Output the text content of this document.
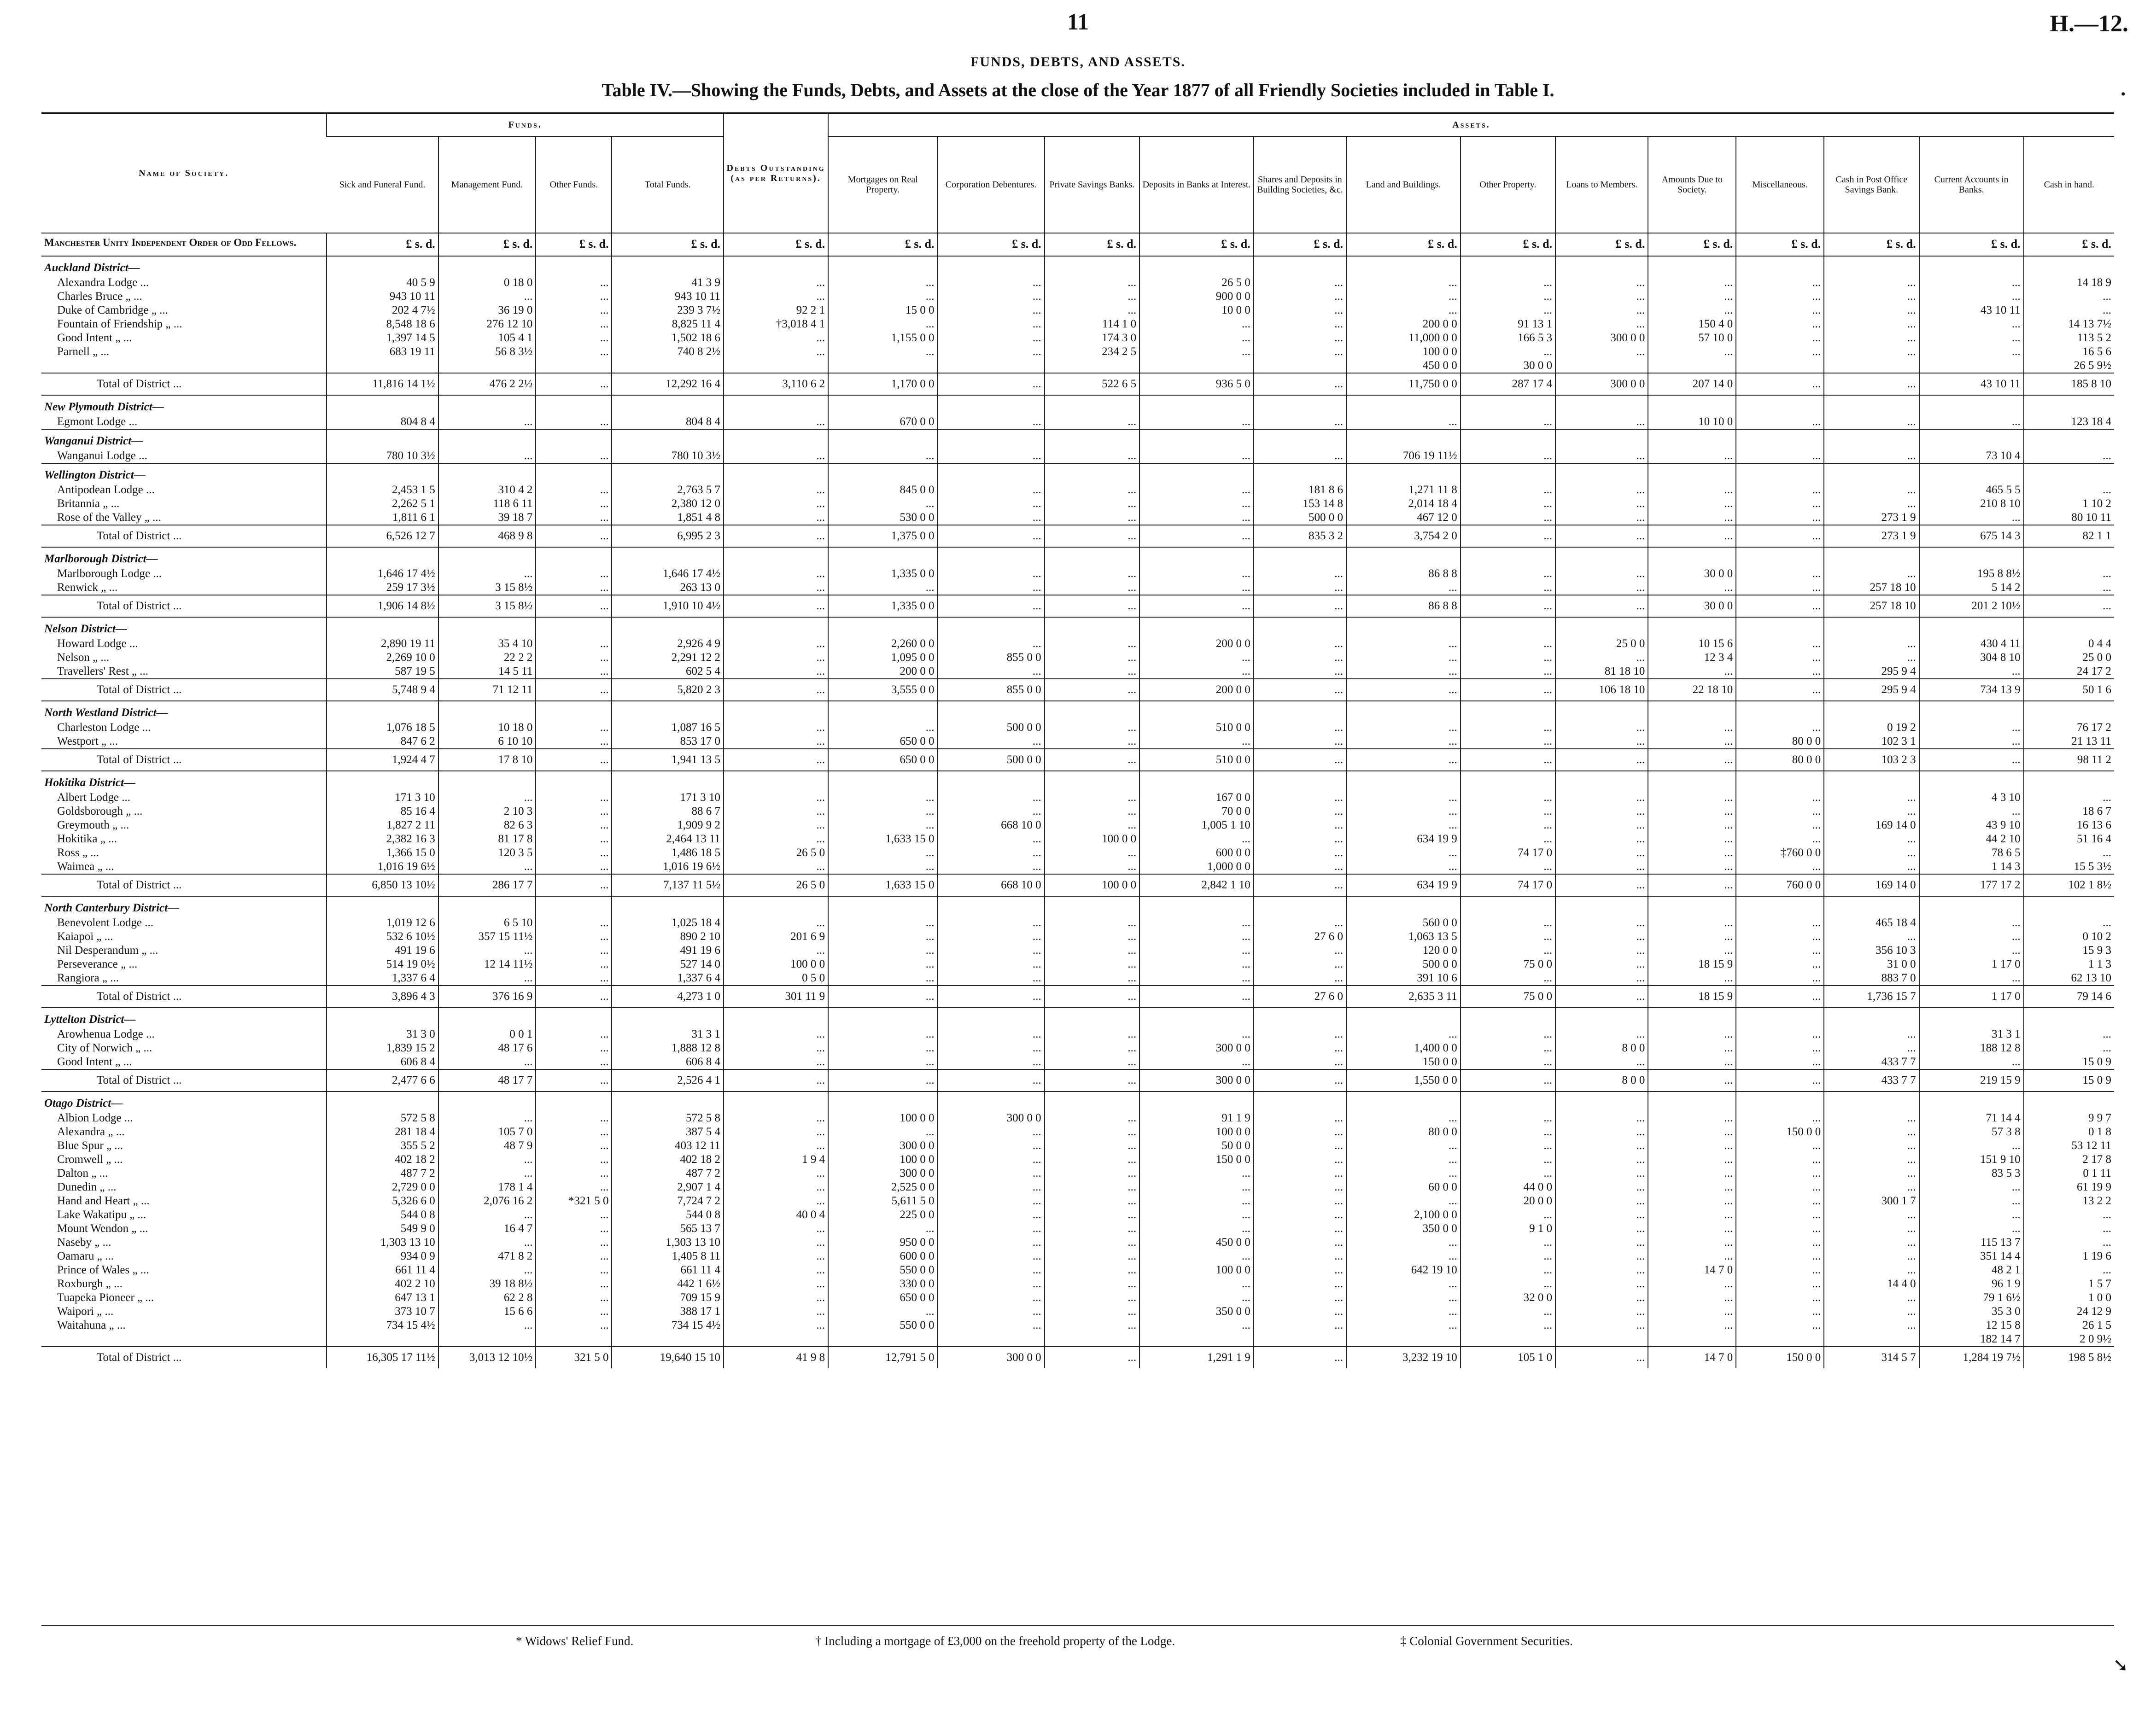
11	H.—12.
FUNDS, DEBTS, AND ASSETS.
Table IV.—Showing the Funds, Debts, and Assets at the close of the Year 1877 of all Friendly Societies included in Table I.	•
Name of Society.	Funds.				Debts Outstanding (as per Returns).	Assets.												
	Sick and Funeral Fund.	Management Fund.	Other Funds.	Total Funds.		Mortgages on Real Property.	Corporation Debentures.	Private Savings Banks.	Deposits in Banks at Interest.	Shares and Deposits in Building Societies, &c.	Land and Buildings.	Other Property.	Loans to Members.	Amounts Due to Society.	Miscellaneous.	Cash in Post Office Savings Bank.	Current Accounts in Banks.	Cash in hand.
Manchester Unity Independent Order of Odd Fellows.	£ s. d.	£ s. d.	£ s. d.	£ s. d.	£ s. d.	£ s. d.	£ s. d.	£ s. d.	£ s. d.	£ s. d.	£ s. d.	£ s. d.	£ s. d.	£ s. d.	£ s. d.	£ s. d.	£ s. d.	£ s. d.
Auckland District—																		
Alexandra Lodge ...	40 5 9	0 18 0	...	41 3 9	...	...	...	...	26 5 0	...	...	...	...	...	...	...	...	14 18 9
Charles Bruce „ ...	943 10 11	...	...	943 10 11	...	...	...	...	900 0 0	...	...	...	...	...	...	...	...	...
Duke of Cambridge „ ...	202 4 7½	36 19 0	...	239 3 7½	92 2 1	15 0 0	...	...	10 0 0	...	...	...	...	...	...	...	43 10 11	...
Fountain of Friendship „ ...	8,548 18 6	276 12 10	...	8,825 11 4	†3,018 4 1	...	...	114 1 0	...	...	200 0 0	91 13 1	...	150 4 0	...	...	...	14 13 7½
Good Intent „ ...	1,397 14 5	105 4 1	...	1,502 18 6	...	1,155 0 0	...	174 3 0	...	...	11,000 0 0	166 5 3	300 0 0	57 10 0	...	...	...	113 5 2
Parnell „ ...	683 19 11	56 8 3½	...	740 8 2½	...	...	...	234 2 5	...	...	100 0 0	...	...	...	...	...	...	16 5 6
											450 0 0	30 0 0						26 5 9½
Total of District ...	11,816 14 1½	476 2 2½	...	12,292 16 4	3,110 6 2	1,170 0 0	...	522 6 5	936 5 0	...	11,750 0 0	287 17 4	300 0 0	207 14 0	...	...	43 10 11	185 8 10
New Plymouth District—																		
Egmont Lodge ...	804 8 4	...	...	804 8 4	...	670 0 0	...	...	...	...	...	...	...	10 10 0	...	...	...	123 18 4
Wanganui District—																		
Wanganui Lodge ...	780 10 3½	...	...	780 10 3½	...	...	...	...	...	...	706 19 11½	...	...	...	...	...	73 10 4	...
Wellington District—																		
Antipodean Lodge ...	2,453 1 5	310 4 2	...	2,763 5 7	...	845 0 0	...	...	...	181 8 6	1,271 11 8	...	...	...	...	...	465 5 5	...
Britannia „ ...	2,262 5 1	118 6 11	...	2,380 12 0	...	...	...	...	...	153 14 8	2,014 18 4	...	...	...	...	...	210 8 10	1 10 2
Rose of the Valley „ ...	1,811 6 1	39 18 7	...	1,851 4 8	...	530 0 0	...	...	...	500 0 0	467 12 0	...	...	...	...	273 1 9	...	80 10 11
Total of District ...	6,526 12 7	468 9 8	...	6,995 2 3	...	1,375 0 0	...	...	...	835 3 2	3,754 2 0	...	...	...	...	273 1 9	675 14 3	82 1 1
Marlborough District—																		
Marlborough Lodge ...	1,646 17 4½	...	...	1,646 17 4½	...	1,335 0 0	...	...	...	...	86 8 8	...	...	30 0 0	...	...	195 8 8½	...
Renwick „ ...	259 17 3½	3 15 8½	...	263 13 0	...	...	...	...	...	...	...	...	...	...	...	257 18 10	5 14 2	...
Total of District ...	1,906 14 8½	3 15 8½	...	1,910 10 4½	...	1,335 0 0	...	...	...	...	86 8 8	...	...	30 0 0	...	257 18 10	201 2 10½	...
Nelson District—																		
Howard Lodge ...	2,890 19 11	35 4 10	...	2,926 4 9	...	2,260 0 0	...	...	200 0 0	...	...	...	25 0 0	10 15 6	...	...	430 4 11	0 4 4
Nelson „ ...	2,269 10 0	22 2 2	...	2,291 12 2	...	1,095 0 0	855 0 0	...	...	...	...	...	...	12 3 4	...	...	304 8 10	25 0 0
Travellers' Rest „ ...	587 19 5	14 5 11	...	602 5 4	...	200 0 0	...	...	...	...	...	...	81 18 10	...	...	295 9 4	...	24 17 2
Total of District ...	5,748 9 4	71 12 11	...	5,820 2 3	...	3,555 0 0	855 0 0	...	200 0 0	...	...	...	106 18 10	22 18 10	...	295 9 4	734 13 9	50 1 6
North Westland District—																		
Charleston Lodge ...	1,076 18 5	10 18 0	...	1,087 16 5	...	...	500 0 0	...	510 0 0	...	...	...	...	...	...	0 19 2	...	76 17 2
Westport „ ...	847 6 2	6 10 10	...	853 17 0	...	650 0 0	...	...	...	...	...	...	...	...	80 0 0	102 3 1	...	21 13 11
Total of District ...	1,924 4 7	17 8 10	...	1,941 13 5	...	650 0 0	500 0 0	...	510 0 0	...	...	...	...	...	80 0 0	103 2 3	...	98 11 2
Hokitika District—																		
Albert Lodge ...	171 3 10	...	...	171 3 10	...	...	...	...	167 0 0	...	...	...	...	...	...	...	4 3 10	...
Goldsborough „ ...	85 16 4	2 10 3	...	88 6 7	...	...	...	...	70 0 0	...	...	...	...	...	...	...	...	18 6 7
Greymouth „ ...	1,827 2 11	82 6 3	...	1,909 9 2	...	...	668 10 0	...	1,005 1 10	...	...	...	...	...	...	169 14 0	43 9 10	16 13 6
Hokitika „ ...	2,382 16 3	81 17 8	...	2,464 13 11	...	1,633 15 0	...	100 0 0	...	...	634 19 9	...	...	...	...	...	44 2 10	51 16 4
Ross „ ...	1,366 15 0	120 3 5	...	1,486 18 5	26 5 0	...	...	...	600 0 0	...	...	74 17 0	...	...	‡760 0 0	...	78 6 5	...
Waimea „ ...	1,016 19 6½	...	...	1,016 19 6½	...	...	...	...	1,000 0 0	...	...	...	...	...	...	...	1 14 3	15 5 3½
Total of District ...	6,850 13 10½	286 17 7	...	7,137 11 5½	26 5 0	1,633 15 0	668 10 0	100 0 0	2,842 1 10	...	634 19 9	74 17 0	...	...	760 0 0	169 14 0	177 17 2	102 1 8½
North Canterbury District—																		
Benevolent Lodge ...	1,019 12 6	6 5 10	...	1,025 18 4	...	...	...	...	...	...	560 0 0	...	...	...	...	465 18 4	...	...
Kaiapoi „ ...	532 6 10½	357 15 11½	...	890 2 10	201 6 9	...	...	...	...	27 6 0	1,063 13 5	...	...	...	...	...	...	0 10 2
Nil Desperandum „ ...	491 19 6	...	...	491 19 6	...	...	...	...	...	...	120 0 0	...	...	...	...	356 10 3	...	15 9 3
Perseverance „ ...	514 19 0½	12 14 11½	...	527 14 0	100 0 0	...	...	...	...	...	500 0 0	75 0 0	...	18 15 9	...	31 0 0	1 17 0	1 1 3
Rangiora „ ...	1,337 6 4	...	...	1,337 6 4	0 5 0	...	...	...	...	...	391 10 6	...	...	...	...	883 7 0	...	62 13 10
Total of District ...	3,896 4 3	376 16 9	...	4,273 1 0	301 11 9	...	...	...	...	27 6 0	2,635 3 11	75 0 0	...	18 15 9	...	1,736 15 7	1 17 0	79 14 6
Lyttelton District—																		
Arowhenua Lodge ...	31 3 0	0 0 1	...	31 3 1	...	...	...	...	...	...	...	...	...	...	...	...	31 3 1	...
City of Norwich „ ...	1,839 15 2	48 17 6	...	1,888 12 8	...	...	...	...	300 0 0	...	1,400 0 0	...	8 0 0	...	...	...	188 12 8	...
Good Intent „ ...	606 8 4	...	...	606 8 4	...	...	...	...	...	...	150 0 0	...	...	...	...	433 7 7	...	15 0 9
Total of District ...	2,477 6 6	48 17 7	...	2,526 4 1	...	...	...	...	300 0 0	...	1,550 0 0	...	8 0 0	...	...	433 7 7	219 15 9	15 0 9
Otago District—																		
Albion Lodge ...	572 5 8	...	...	572 5 8	...	100 0 0	300 0 0	...	91 1 9	...	...	...	...	...	...	...	71 14 4	9 9 7
Alexandra „ ...	281 18 4	105 7 0	...	387 5 4	...	...	...	...	100 0 0	...	80 0 0	...	...	...	150 0 0	...	57 3 8	0 1 8
Blue Spur „ ...	355 5 2	48 7 9	...	403 12 11	...	300 0 0	...	...	50 0 0	...	...	...	...	...	...	...	...	53 12 11
Cromwell „ ...	402 18 2	...	...	402 18 2	1 9 4	100 0 0	...	...	150 0 0	...	...	...	...	...	...	...	151 9 10	2 17 8
Dalton „ ...	487 7 2	...	...	487 7 2	...	300 0 0	...	...	...	...	...	...	...	...	...	...	83 5 3	0 1 11
Dunedin „ ...	2,729 0 0	178 1 4	...	2,907 1 4	...	2,525 0 0	...	...	...	...	60 0 0	44 0 0	...	...	...	...	...	61 19 9
Hand and Heart „ ...	5,326 6 0	2,076 16 2	*321 5 0	7,724 7 2	...	5,611 5 0	...	...	...	...	...	20 0 0	...	...	...	300 1 7	...	13 2 2
Lake Wakatipu „ ...	544 0 8	...	...	544 0 8	40 0 4	225 0 0	...	...	...	...	2,100 0 0	...	...	...	...	...	...	...
Mount Wendon „ ...	549 9 0	16 4 7	...	565 13 7	...	...	...	...	...	...	350 0 0	9 1 0	...	...	...	...	...	...
Naseby „ ...	1,303 13 10	...	...	1,303 13 10	...	950 0 0	...	...	450 0 0	...	...	...	...	...	...	...	115 13 7	...
Oamaru „ ...	934 0 9	471 8 2	...	1,405 8 11	...	600 0 0	...	...	...	...	...	...	...	...	...	...	351 14 4	1 19 6
Prince of Wales „ ...	661 11 4	...	...	661 11 4	...	550 0 0	...	...	100 0 0	...	642 19 10	...	...	14 7 0	...	...	48 2 1	...
Roxburgh „ ...	402 2 10	39 18 8½	...	442 1 6½	...	330 0 0	...	...	...	...	...	...	...	...	...	14 4 0	96 1 9	1 5 7
Tuapeka Pioneer „ ...	647 13 1	62 2 8	...	709 15 9	...	650 0 0	...	...	...	...	...	32 0 0	...	...	...	...	79 1 6½	1 0 0
Waipori „ ...	373 10 7	15 6 6	...	388 17 1	...	...	...	...	350 0 0	...	...	...	...	...	...	...	35 3 0	24 12 9
Waitahuna „ ...	734 15 4½	...	...	734 15 4½	...	550 0 0	...	...	...	...	...	...	...	...	...	...	12 15 8	26 1 5
																	182 14 7	2 0 9½
Total of District ...	16,305 17 11½	3,013 12 10½	321 5 0	19,640 15 10	41 9 8	12,791 5 0	300 0 0	...	1,291 1 9	...	3,232 19 10	105 1 0	...	14 7 0	150 0 0	314 5 7	1,284 19 7½	198 5 8½
* Widows' Relief Fund.	† Including a mortgage of £3,000 on the freehold property of the Lodge.	‡ Colonial Government Securities.
➘
